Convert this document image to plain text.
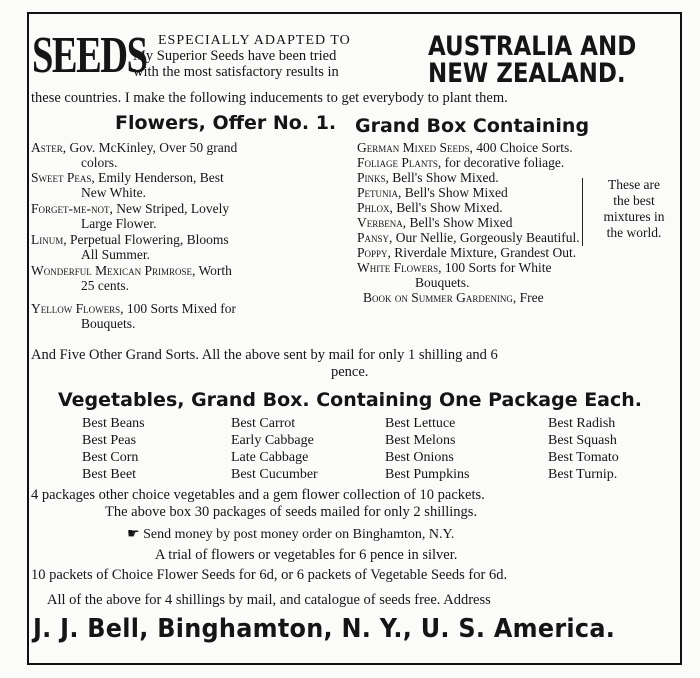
SEEDS ESPECIALLY ADAPTED TO
My Superior Seeds have been tried
with the most satisfactory results in
AUSTRALIA AND
NEW ZEALAND.
these countries. I make the following inducements to get everybody to plant them.
Flowers, Offer No. 1. Grand Box Containing
Aster, Gov. McKinley, Over 50 grand
colors.
Sweet Peas, Emily Henderson, Best
New White.
Forget-me-not, New Striped, Lovely
Large Flower.
Linum, Perpetual Flowering, Blooms
All Summer.
Wonderful Mexican Primrose, Worth
25 cents.
Yellow Flowers, 100 Sorts Mixed for
Bouquets.
German Mixed Seeds, 400 Choice Sorts.
Foliage Plants, for decorative foliage.
Pinks, Bell's Show Mixed.
Petunia, Bell's Show Mixed
Phlox, Bell's Show Mixed.
Verbena, Bell's Show Mixed
Pansy, Our Nellie, Gorgeously Beautiful.
Poppy, Riverdale Mixture, Grandest Out.
White Flowers, 100 Sorts for White
Bouquets.
Book on Summer Gardening, Free
These are
the best
mixtures in
the world.
And Five Other Grand Sorts. All the above sent by mail for only 1 shilling and 6
pence.
Vegetables, Grand Box. Containing One Package Each.
Best Beans
Best Peas
Best Corn
Best Beet
Best Carrot
Early Cabbage
Late Cabbage
Best Cucumber
Best Lettuce
Best Melons
Best Onions
Best Pumpkins
Best Radish
Best Squash
Best Tomato
Best Turnip.
4 packages other choice vegetables and a gem flower collection of 10 packets.
The above box 30 packages of seeds mailed for only 2 shillings.
☛ Send money by post money order on Binghamton, N.Y.
A trial of flowers or vegetables for 6 pence in silver.
10 packets of Choice Flower Seeds for 6d, or 6 packets of Vegetable Seeds for 6d.
All of the above for 4 shillings by mail, and catalogue of seeds free. Address
J. J. Bell, Binghamton, N. Y., U. S. America.
